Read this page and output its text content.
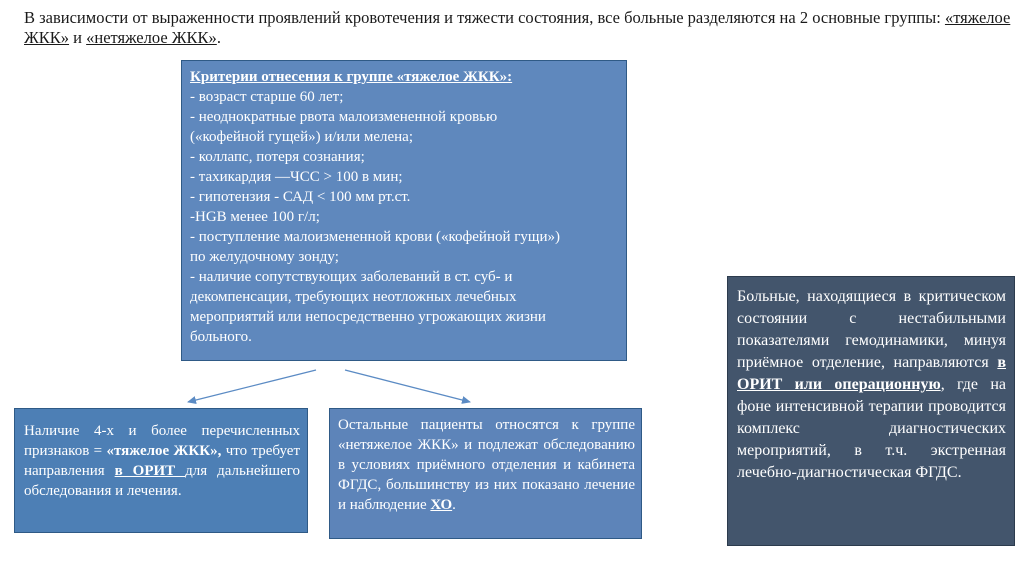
В зависимости от выраженности проявлений кровотечения и тяжести состояния, все больные разделяются на 2 основные группы: «тяжелое ЖКК» и «нетяжелое ЖКК».
Критерии отнесения к группе «тяжелое ЖКК»:
- возраст старше 60 лет;
- неоднократные рвота малоизмененной кровью
(«кофейной гущей») и/или мелена;
- коллапс, потеря сознания;
- тахикардия —ЧСС > 100 в мин;
- гипотензия - САД < 100 мм рт.ст.
-HGB менее 100 г/л;
- поступление малоизмененной крови («кофейной гущи»)
по желудочному зонду;
- наличие сопутствующих заболеваний в ст. суб- и
декомпенсации, требующих неотложных лечебных
мероприятий или непосредственно угрожающих жизни
больного.
Наличие 4-х и более перечисленных признаков = «тяжелое ЖКК», что требует направления в ОРИТ для дальнейшего обследования и лечения.
Остальные пациенты относятся к группе «нетяжелое ЖКК» и подлежат обследованию в условиях приёмного отделения и кабинета ФГДС, большинству из них показано лечение и наблюдение ХО.
Больные, находящиеся в критическом состоянии с нестабильными показателями гемодинамики, минуя приёмное отделение, направляются в ОРИТ или операционную, где на фоне интенсивной терапии проводится комплекс диагностических мероприятий, в т.ч. экстренная лечебно-диагностическая ФГДС.
